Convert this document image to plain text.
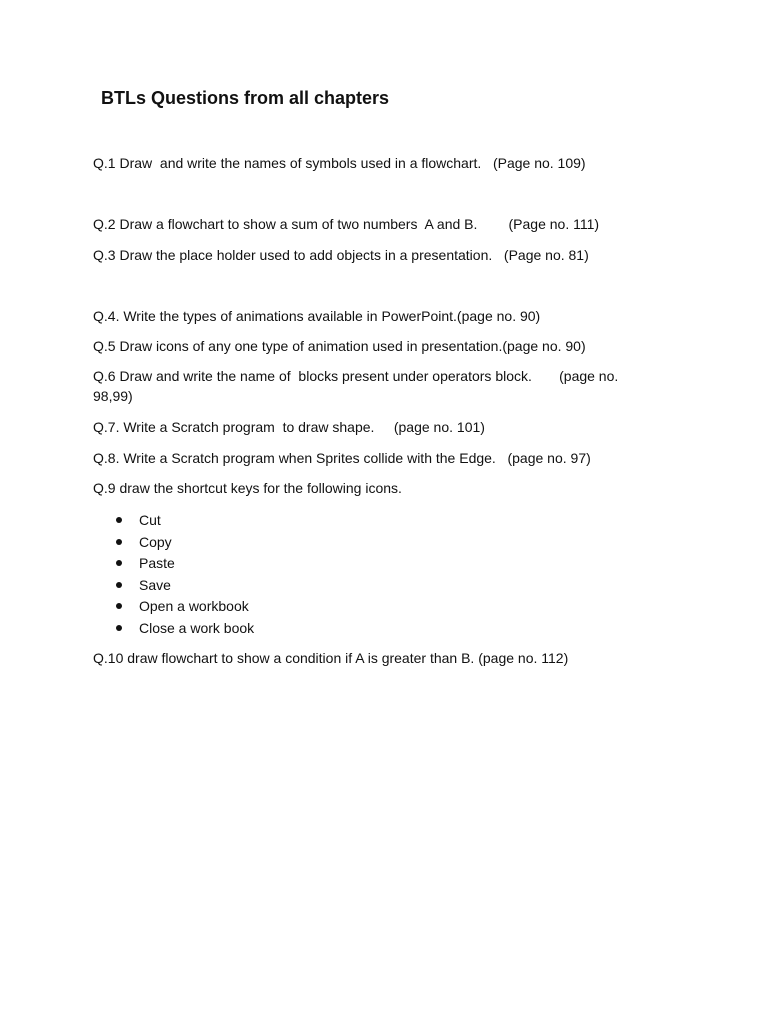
BTLs Questions from all chapters
Q.1 Draw  and write the names of symbols used in a flowchart.   (Page no. 109)
Q.2 Draw a flowchart to show a sum of two numbers  A and B.        (Page no. 111)
Q.3 Draw the place holder used to add objects in a presentation.   (Page no. 81)
Q.4. Write the types of animations available in PowerPoint.(page no. 90)
Q.5 Draw icons of any one type of animation used in presentation.(page no. 90)
Q.6 Draw and write the name of  blocks present under operators block.       (page no. 98,99)
Q.7. Write a Scratch program  to draw shape.     (page no. 101)
Q.8. Write a Scratch program when Sprites collide with the Edge.   (page no. 97)
Q.9 draw the shortcut keys for the following icons.
Cut
Copy
Paste
Save
Open a workbook
Close a work book
Q.10 draw flowchart to show a condition if A is greater than B. (page no. 112)
